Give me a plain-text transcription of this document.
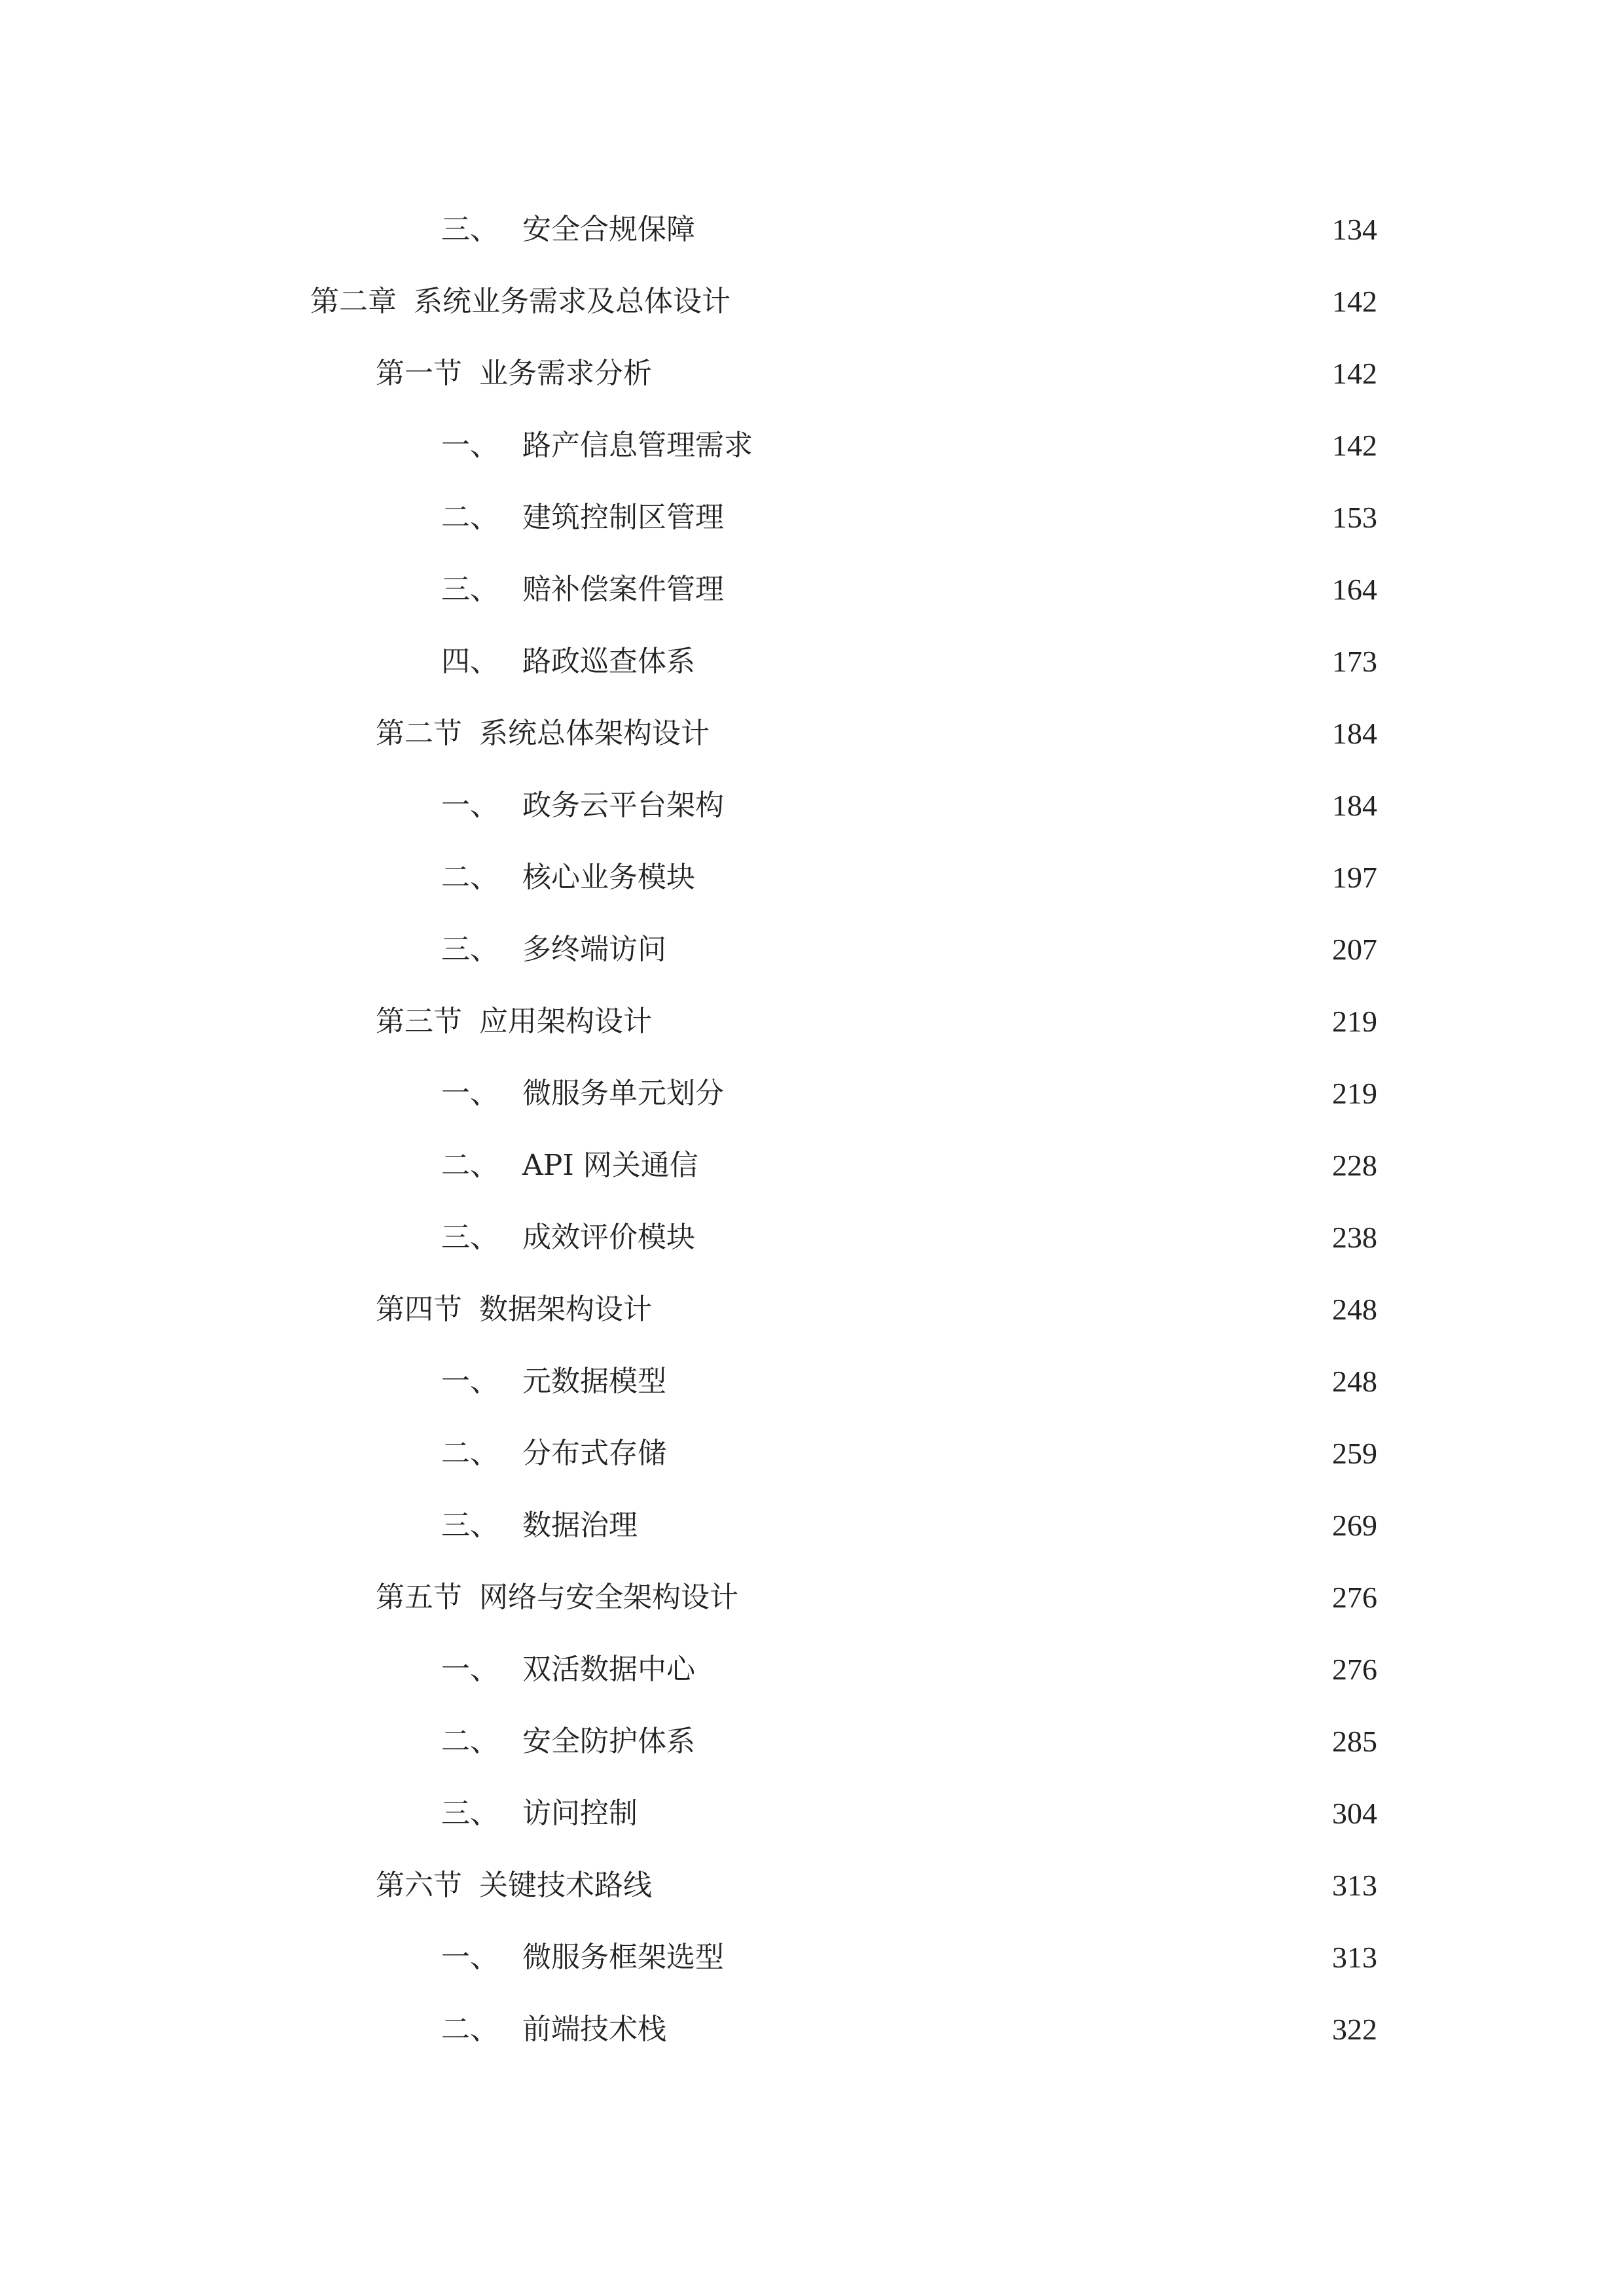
三、 安全合规保障	134
第二章 系统业务需求及总体设计	142
第一节 业务需求分析	142
一、 路产信息管理需求	142
二、 建筑控制区管理	153
三、 赔补偿案件管理	164
四、 路政巡查体系	173
第二节 系统总体架构设计	184
一、 政务云平台架构	184
二、 核心业务模块	197
三、 多终端访问	207
第三节 应用架构设计	219
一、 微服务单元划分	219
二、 API 网关通信	228
三、 成效评价模块	238
第四节 数据架构设计	248
一、 元数据模型	248
二、 分布式存储	259
三、 数据治理	269
第五节 网络与安全架构设计	276
一、 双活数据中心	276
二、 安全防护体系	285
三、 访问控制	304
第六节 关键技术路线	313
一、 微服务框架选型	313
二、 前端技术栈	322
